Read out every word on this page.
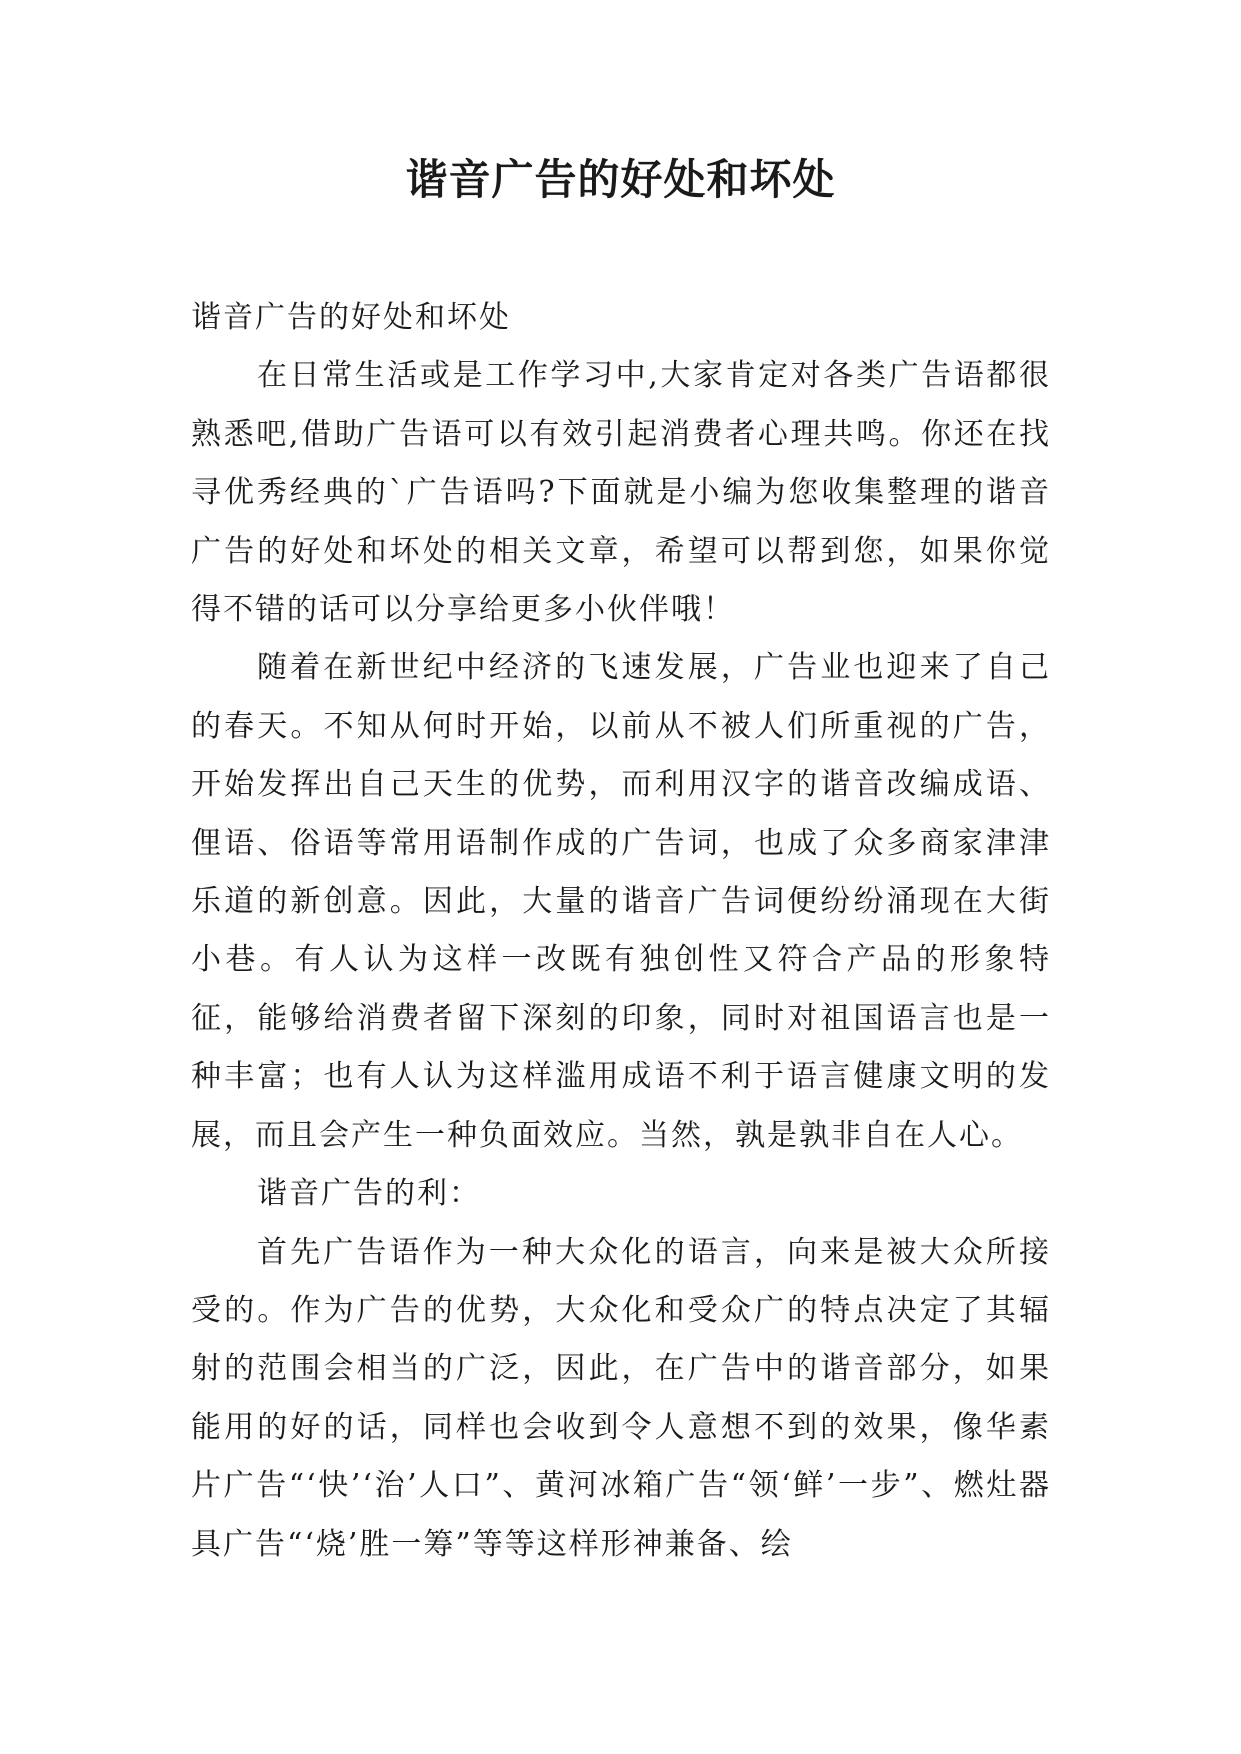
谐音广告的好处和坏处

谐音广告的好处和坏处

在日常生活或是工作学习中,大家肯定对各类广告语都很熟悉吧,借助广告语可以有效引起消费者心理共鸣。你还在找寻优秀经典的`广告语吗?下面就是小编为您收集整理的谐音广告的好处和坏处的相关文章，希望可以帮到您，如果你觉得不错的话可以分享给更多小伙伴哦！

随着在新世纪中经济的飞速发展，广告业也迎来了自己的春天。不知从何时开始，以前从不被人们所重视的广告，开始发挥出自己天生的优势，而利用汉字的谐音改编成语、俚语、俗语等常用语制作成的广告词，也成了众多商家津津乐道的新创意。因此，大量的谐音广告词便纷纷涌现在大街小巷。有人认为这样一改既有独创性又符合产品的形象特征，能够给消费者留下深刻的印象，同时对祖国语言也是一种丰富；也有人认为这样滥用成语不利于语言健康文明的发展，而且会产生一种负面效应。当然，孰是孰非自在人心。

谐音广告的利：

首先广告语作为一种大众化的语言，向来是被大众所接受的。作为广告的优势，大众化和受众广的特点决定了其辐射的范围会相当的广泛，因此，在广告中的谐音部分，如果能用的好的话，同样也会收到令人意想不到的效果，像华素片广告“‘快’‘治’人口”、黄河冰箱广告“领‘鲜’一步”、燃灶器具广告“‘烧’胜一筹”等等这样形神兼备、绘
